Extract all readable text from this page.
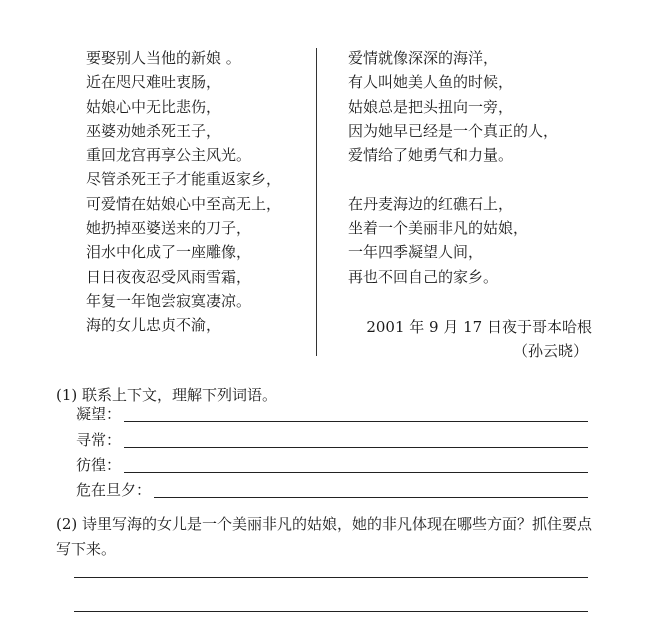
要娶别人当他的新娘 。
近在咫尺难吐衷肠，
姑娘心中无比悲伤，
巫婆劝她杀死王子，
重回龙宫再享公主风光。
尽管杀死王子才能重返家乡，
可爱情在姑娘心中至高无上，
她扔掉巫婆送来的刀子，
泪水中化成了一座雕像，
日日夜夜忍受风雨雪霜，
年复一年饱尝寂寞凄凉。
海的女儿忠贞不渝，
爱情就像深深的海洋，
有人叫她美人鱼的时候，
姑娘总是把头扭向一旁，
因为她早已经是一个真正的人，
爱情给了她勇气和力量。
在丹麦海边的红礁石上，
坐着一个美丽非凡的姑娘，
一年四季凝望人间，
再也不回自己的家乡。
2001 年 9 月 17 日夜于哥本哈根
（孙云晓）
(1) 联系上下文，理解下列词语。
凝望：
寻常：
彷徨：
危在旦夕：
(2) 诗里写海的女儿是一个美丽非凡的姑娘，她的非凡体现在哪些方面？抓住要点写下来。
